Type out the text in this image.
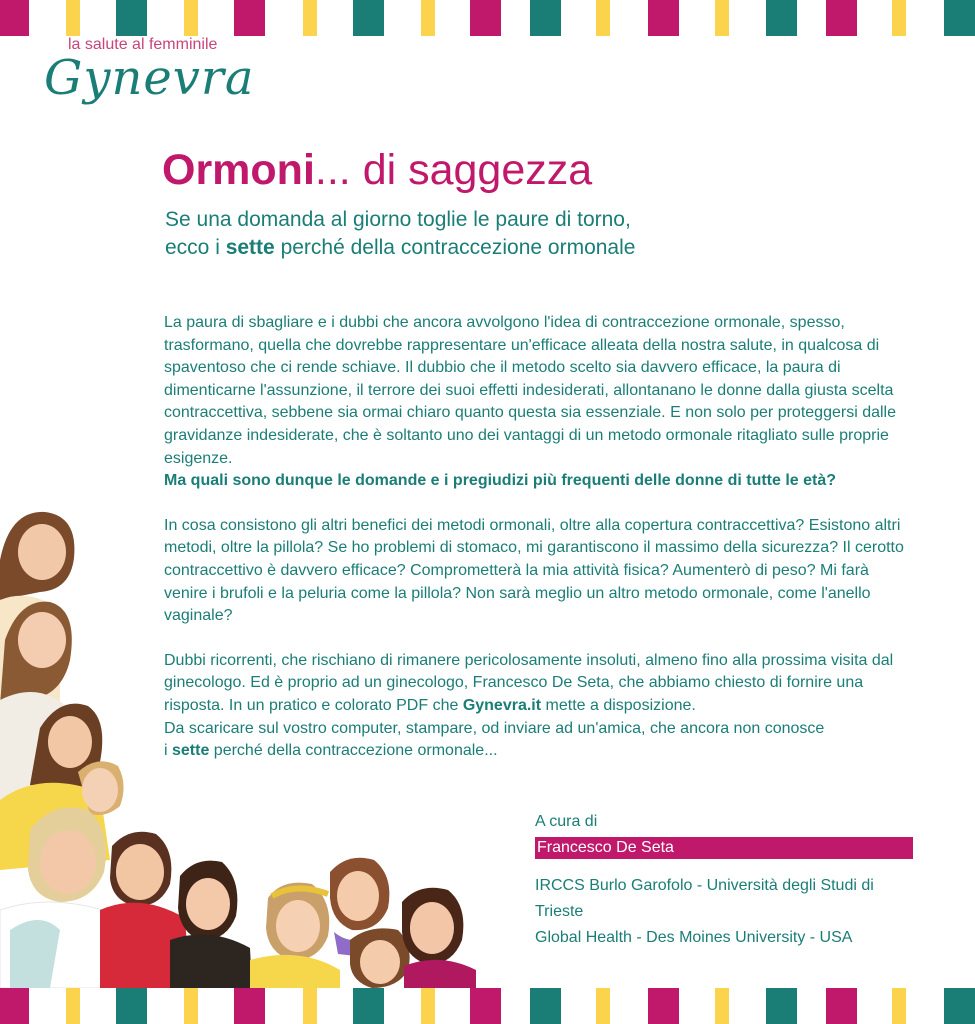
la salute al femminile
Gynevra
Ormoni... di saggezza
Se una domanda al giorno toglie le paure di torno,
ecco i sette perché della contraccezione ormonale

La paura di sbagliare e i dubbi che ancora avvolgono l'idea di contraccezione ormonale, spesso, trasformano, quella che dovrebbe rappresentare un'efficace alleata della nostra salute, in qualcosa di spaventoso che ci rende schiave. Il dubbio che il metodo scelto sia davvero efficace, la paura di dimenticarne l'assunzione, il terrore dei suoi effetti indesiderati, allontanano le donne dalla giusta scelta contraccettiva, sebbene sia ormai chiaro quanto questa sia essenziale. E non solo per proteggersi dalle gravidanze indesiderate, che è soltanto uno dei vantaggi di un metodo ormonale ritagliato sulle proprie esigenze.

Ma quali sono dunque le domande e i pregiudizi più frequenti delle donne di tutte le età?

In cosa consistono gli altri benefici dei metodi ormonali, oltre alla copertura contraccettiva? Esistono altri metodi, oltre la pillola? Se ho problemi di stomaco, mi garantiscono il massimo della sicurezza? Il cerotto contraccettivo è davvero efficace? Comprometterà la mia attività fisica? Aumenterò di peso? Mi farà venire i brufoli e la peluria come la pillola? Non sarà meglio un altro metodo ormonale, come l'anello vaginale?

Dubbi ricorrenti, che rischiano di rimanere pericolosamente insoluti, almeno fino alla prossima visita dal ginecologo. Ed è proprio ad un ginecologo, Francesco De Seta, che abbiamo chiesto di fornire una risposta. In un pratico e colorato PDF che Gynevra.it mette a disposizione.

Da scaricare sul vostro computer, stampare, od inviare ad un'amica, che ancora non conosce

i sette perché della contraccezione ormonale...

A cura di
Francesco De Seta
IRCCS Burlo Garofolo - Università degli Studi di Trieste
Global Health - Des Moines University - USA
